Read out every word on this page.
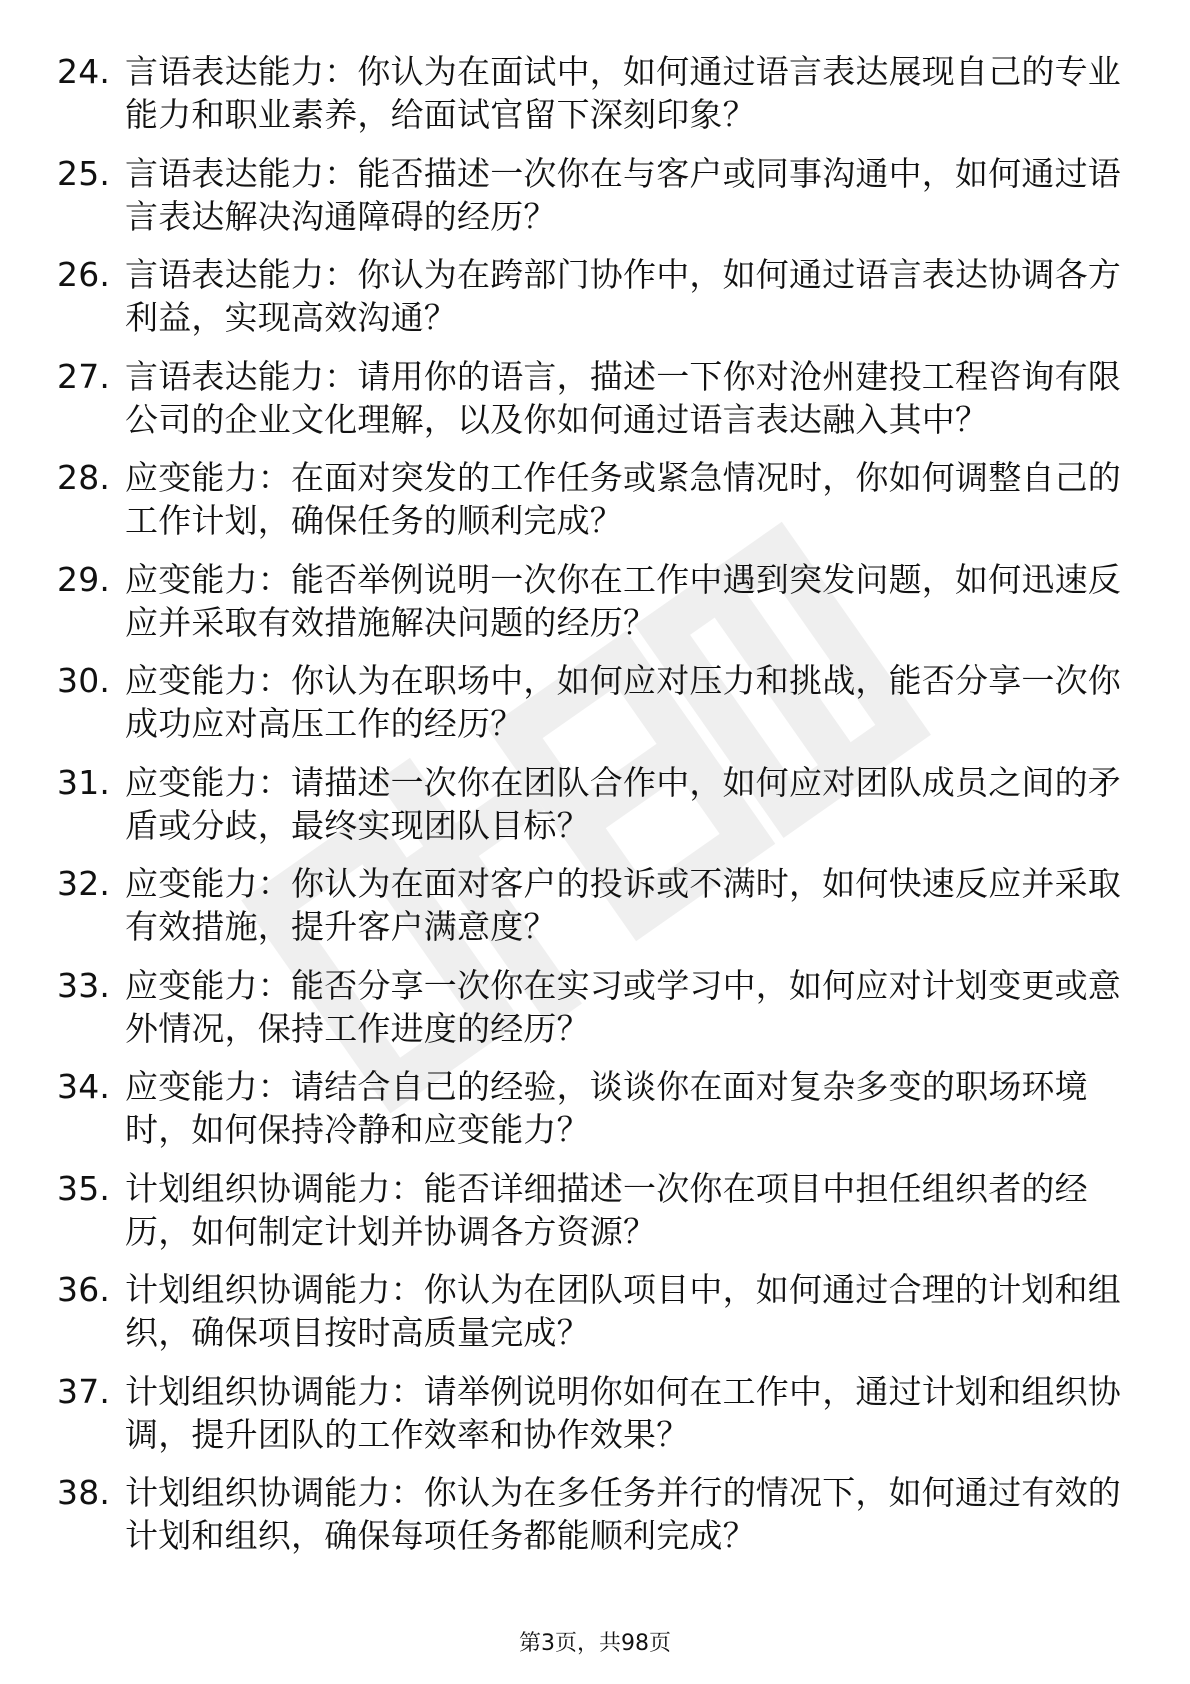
24. 言语表达能力：你认为在面试中，如何通过语言表达展现自己的专业能力和职业素养，给面试官留下深刻印象？
25. 言语表达能力：能否描述一次你在与客户或同事沟通中，如何通过语言表达解决沟通障碍的经历？
26. 言语表达能力：你认为在跨部门协作中，如何通过语言表达协调各方利益，实现高效沟通？
27. 言语表达能力：请用你的语言，描述一下你对沧州建投工程咨询有限公司的企业文化理解，以及你如何通过语言表达融入其中？
28. 应变能力：在面对突发的工作任务或紧急情况时，你如何调整自己的工作计划，确保任务的顺利完成？
29. 应变能力：能否举例说明一次你在工作中遇到突发问题，如何迅速反应并采取有效措施解决问题的经历？
30. 应变能力：你认为在职场中，如何应对压力和挑战，能否分享一次你成功应对高压工作的经历？
31. 应变能力：请描述一次你在团队合作中，如何应对团队成员之间的矛盾或分歧，最终实现团队目标？
32. 应变能力：你认为在面对客户的投诉或不满时，如何快速反应并采取有效措施，提升客户满意度？
33. 应变能力：能否分享一次你在实习或学习中，如何应对计划变更或意外情况，保持工作进度的经历？
34. 应变能力：请结合自己的经验，谈谈你在面对复杂多变的职场环境时，如何保持冷静和应变能力？
35. 计划组织协调能力：能否详细描述一次你在项目中担任组织者的经历，如何制定计划并协调各方资源？
36. 计划组织协调能力：你认为在团队项目中，如何通过合理的计划和组织，确保项目按时高质量完成？
37. 计划组织协调能力：请举例说明你如何在工作中，通过计划和组织协调，提升团队的工作效率和协作效果？
38. 计划组织协调能力：你认为在多任务并行的情况下，如何通过有效的计划和组织，确保每项任务都能顺利完成？
第3页，共98页
